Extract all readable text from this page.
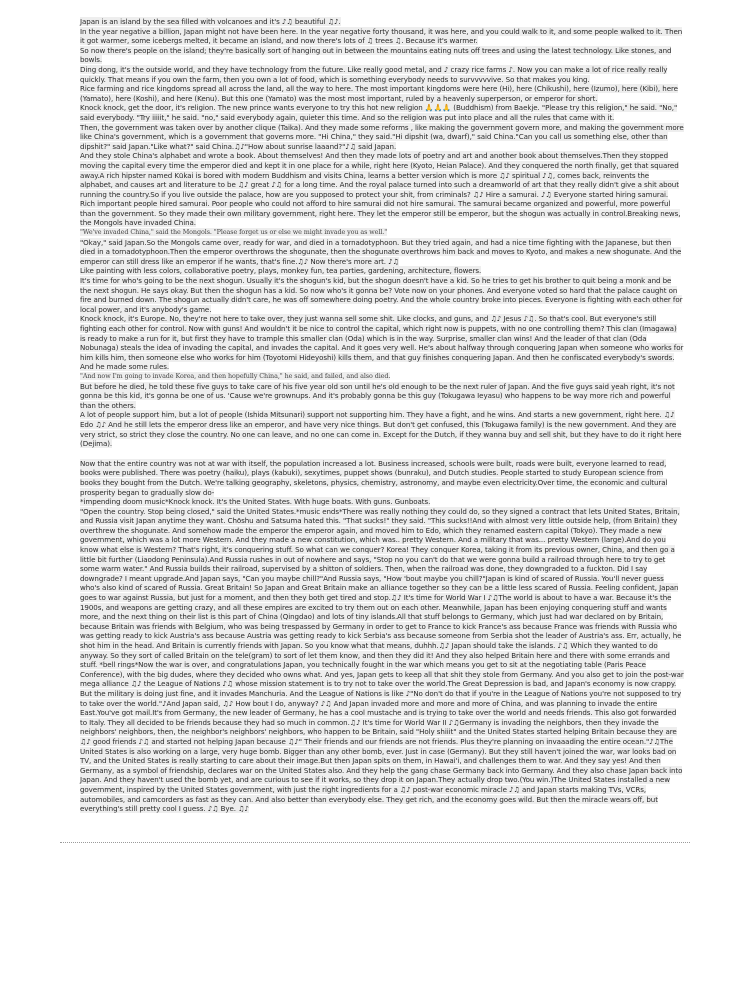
Japan is an island by the sea filled with volcanoes and it's ♪♫ beautiful ♫♪.

In the year negative a billion, Japan might not have been here. In the year negative forty thousand, it was here, and you could walk to it, and some people walked to it. Then it got warmer, some icebergs melted, it became an island, and now there's lots of ♫ trees ♫. Because it's warmer.

So now there's people on the island; they're basically sort of hanging out in between the mountains eating nuts off trees and using the latest technology. Like stones, and bowls.

Ding dong, it's the outside world, and they have technology from the future. Like really good metal, and ♪ crazy rice farms ♪. Now you can make a lot of rice really really quickly. That means if you own the farm, then you own a lot of food, which is something everybody needs to survvvvvive. So that makes you king.

Rice farming and rice kingdoms spread all across the land, all the way to here. The most important kingdoms were here (Hi), here (Chikushi), here (Izumo), here (Kibi), here (Yamato), here (Koshi), and here (Kenu). But this one (Yamato) was the most most important, ruled by a heavenly superperson, or emperor for short.

Knock knock, get the door, it's religion. The new prince wants everyone to try this hot new religion 🙏🙏🙏 (Buddhism) from Baekje. "Please try this religion," he said. "No," said everybody. "Try iiiiit," he said. "no," said everybody again, quieter this time. And so the religion was put into place and all the rules that came with it.

Then, the government was taken over by another clique (Taika). And they made some reforms , like making the government govern more, and making the government more like China's government, which is a government that governs more. "Hi China," they said."Hi dipshit (wa, dwarf)," said China."Can you call us something else, other than dipshit?" said Japan."Like what?" said China.♫♪"How about sunrise laaand?"♪♫ said Japan.

And they stole China's alphabet and wrote a book. About themselves! And then they made lots of poetry and art and another book about themselves.Then they stopped moving the capital every time the emperor died and kept it in one place for a while, right here (Kyoto, Heian Palace). And they conquered the north finally, get that squared away.A rich hipster named Kūkai is bored with modern Buddhism and visits China, learns a better version which is more ♫♪ spiritual ♪♫, comes back, reinvents the alphabet, and causes art and literature to be ♫♪ great ♪♫ for a long time. And the royal palace turned into such a dreamworld of art that they really didn't give a shit about running the country.So if you live outside the palace, how are you supposed to protect your shit, from criminals? ♫♪ Hire a samurai. ♪♫ Everyone started hiring samurai. Rich important people hired samurai. Poor people who could not afford to hire samurai did not hire samurai. The samurai became organized and powerful, more powerful than the government. So they made their own military government, right here. They let the emperor still be emperor, but the shogun was actually in control.Breaking news, the Mongols have invaded China.

"We've invaded China," said the Mongols. "Please forget us or else we might invade you as well."

"Okay," said Japan.So the Mongols came over, ready for war, and died in a tornadotyphoon. But they tried again, and had a nice time fighting with the Japanese, but then died in a tornadotyphoon.Then the emperor overthrows the shogunate, then the shogunate overthrows him back and moves to Kyoto, and makes a new shogunate. And the emperor can still dress like an emperor if he wants, that's fine.♫♪ Now there's more art. ♪♫

Like painting with less colors, collaborative poetry, plays, monkey fun, tea parties, gardening, architecture, flowers.

It's time for who's going to be the next shogun. Usually it's the shogun's kid, but the shogun doesn't have a kid. So he tries to get his brother to quit being a monk and be the next shogun. He says okay. But then the shogun has a kid. So now who's it gonna be? Vote now on your phones. And everyone voted so hard that the palace caught on fire and burned down. The shogun actually didn't care, he was off somewhere doing poetry. And the whole country broke into pieces. Everyone is fighting with each other for local power, and it's anybody's game.

Knock knock, it's Europe. No, they're not here to take over, they just wanna sell some shit. Like clocks, and guns, and ♫♪ Jesus ♪♫. So that's cool. But everyone's still fighting each other for control. Now with guns! And wouldn't it be nice to control the capital, which right now is puppets, with no one controlling them? This clan (Imagawa) is ready to make a run for it, but first they have to trample this smaller clan (Oda) which is in the way. Surprise, smaller clan wins! And the leader of that clan (Oda Nobunaga) steals the idea of invading the capital, and invades the capital. And it goes very well. He's about halfway through conquering Japan when someone who works for him kills him, then someone else who works for him (Toyotomi Hideyoshi) kills them, and that guy finishes conquering Japan. And then he confiscated everybody's swords. And he made some rules.

"And now I'm going to invade Korea, and then hopefully China," he said, and failed, and also died.

But before he died, he told these five guys to take care of his five year old son until he's old enough to be the next ruler of Japan. And the five guys said yeah right, it's not gonna be this kid, it's gonna be one of us. 'Cause we're grownups. And it's probably gonna be this guy (Tokugawa Ieyasu) who happens to be way more rich and powerful than the others.

A lot of people support him, but a lot of people (Ishida Mitsunari) support not supporting him. They have a fight, and he wins. And starts a new government, right here. ♫♪ Edo ♫♪ And he still lets the emperor dress like an emperor, and have very nice things. But don't get confused, this (Tokugawa family) is the new government. And they are very strict, so strict they close the country. No one can leave, and no one can come in. Except for the Dutch, if they wanna buy and sell shit, but they have to do it right here (Dejima).

Now that the entire country was not at war with itself, the population increased a lot. Business increased, schools were built, roads were built, everyone learned to read, books were published. There was poetry (haiku), plays (kabuki), sexytimes, puppet shows (bunraku), and Dutch studies. People started to study European science from books they bought from the Dutch. We're talking geography, skeletons, physics, chemistry, astronomy, and maybe even electricity.Over time, the economic and cultural prosperity began to gradually slow do-

*impending doom music*Knock knock. It's the United States. With huge boats. With guns. Gunboats.

"Open the country. Stop being closed," said the United States.*music ends*There was really nothing they could do, so they signed a contract that lets United States, Britain, and Russia visit Japan anytime they want. Chōshu and Satsuma hated this. "That sucks!" they said. "This sucks!!And with almost very little outside help, (from Britain) they overthrew the shogunate. And somehow made the emperor the emperor again, and moved him to Edo, which they renamed eastern capital (Tokyo). They made a new government, which was a lot more Western. And they made a new constitution, which was.. pretty Western. And a military that was... pretty Western (large).And do you know what else is Western? That's right, it's conquering stuff. So what can we conquer? Korea! They conquer Korea, taking it from its previous owner, China, and then go a little bit further (Liaodong Peninsula).And Russia rushes in out of nowhere and says, "Stop no you can't do that we were gonna build a railroad through here to try to get some warm water." And Russia builds their railroad, supervised by a shitton of soldiers. Then, when the railroad was done, they downgraded to a fuckton. Did I say downgrade? I meant upgrade.And Japan says, "Can you maybe chill?"And Russia says, "How 'bout maybe you chill?"Japan is kind of scared of Russia. You'll never guess who's also kind of scared of Russia. Great Britain! So Japan and Great Britain make an alliance together so they can be a little less scared of Russia. Feeling confident, Japan goes to war against Russia, but just for a moment, and then they both get tired and stop.♫♪ It's time for World War I ♪♫The world is about to have a war. Because it's the 1900s, and weapons are getting crazy, and all these empires are excited to try them out on each other. Meanwhile, Japan has been enjoying conquering stuff and wants more, and the next thing on their list is this part of China (Qingdao) and lots of tiny islands.All that stuff belongs to Germany, which just had war declared on by Britain, because Britain was friends with Belgium, who was being trespassed by Germany in order to get to France to kick France's ass because France was friends with Russia who was getting ready to kick Austria's ass because Austria was getting ready to kick Serbia's ass because someone from Serbia shot the leader of Austria's ass. Err, actually, he shot him in the head. And Britain is currently friends with Japan. So you know what that means, duhhh.♫♪ Japan should take the islands. ♪♫ Which they wanted to do anyway. So they sort of called Britain on the tele(gram) to sort of let them know, and then they did it! And they also helped Britain here and there with some errands and stuff. *bell rings*Now the war is over, and congratulations Japan, you technically fought in the war which means you get to sit at the negotiating table (Paris Peace Conference), with the big dudes, where they decided who owns what. And yes, Japan gets to keep all that shit they stole from Germany. And you also get to join the post-war mega alliance ♫♪ the League of Nations ♪♫ whose mission statement is to try not to take over the world.The Great Depression is bad, and Japan's economy is now crappy. But the military is doing just fine, and it invades Manchuria. And the League of Nations is like ♪"No don't do that if you're in the League of Nations you're not supposed to try to take over the world."♪And Japan said, ♫♪ How bout I do, anyway? ♪♫ And Japan invaded more and more and more of China, and was planning to invade the entire East.You've got mail.It's from Germany, the new leader of Germany, he has a cool mustache and is trying to take over the world and needs friends. This also got forwarded to Italy. They all decided to be friends because they had so much in common.♫♪ It's time for World War II ♪♫Germany is invading the neighbors, then they invade the neighbors' neighbors, then, the neighbor's neighbors' neighbors, who happen to be Britain, said "Holy shiiit" and the United States started helping Britain because they are ♫♪ good friends ♪♫ and started not helping Japan because ♫♪" Their friends and our friends are not friends. Plus they're planning on invaaading the entire ocean."♪♫The United States is also working on a large, very huge bomb. Bigger than any other bomb, ever. Just in case (Germany). But they still haven't joined the war, war looks bad on TV, and the United States is really starting to care about their image.But then Japan spits on them, in Hawai'i, and challenges them to war. And they say yes! And then Germany, as a symbol of friendship, declares war on the United States also. And they help the gang chase Germany back into Germany. And they also chase Japan back into Japan. And they haven't used the bomb yet, and are curious to see if it works, so they drop it on Japan.They actually drop two.(You win.)The United States installed a new government, inspired by the United States government, with just the right ingredients for a ♫♪ post-war economic miracle ♪♫ and Japan starts making TVs, VCRs, automobiles, and camcorders as fast as they can. And also better than everybody else. They get rich, and the economy goes wild. But then the miracle wears off, but everything's still pretty cool I guess. ♪♫ Bye. ♫♪
